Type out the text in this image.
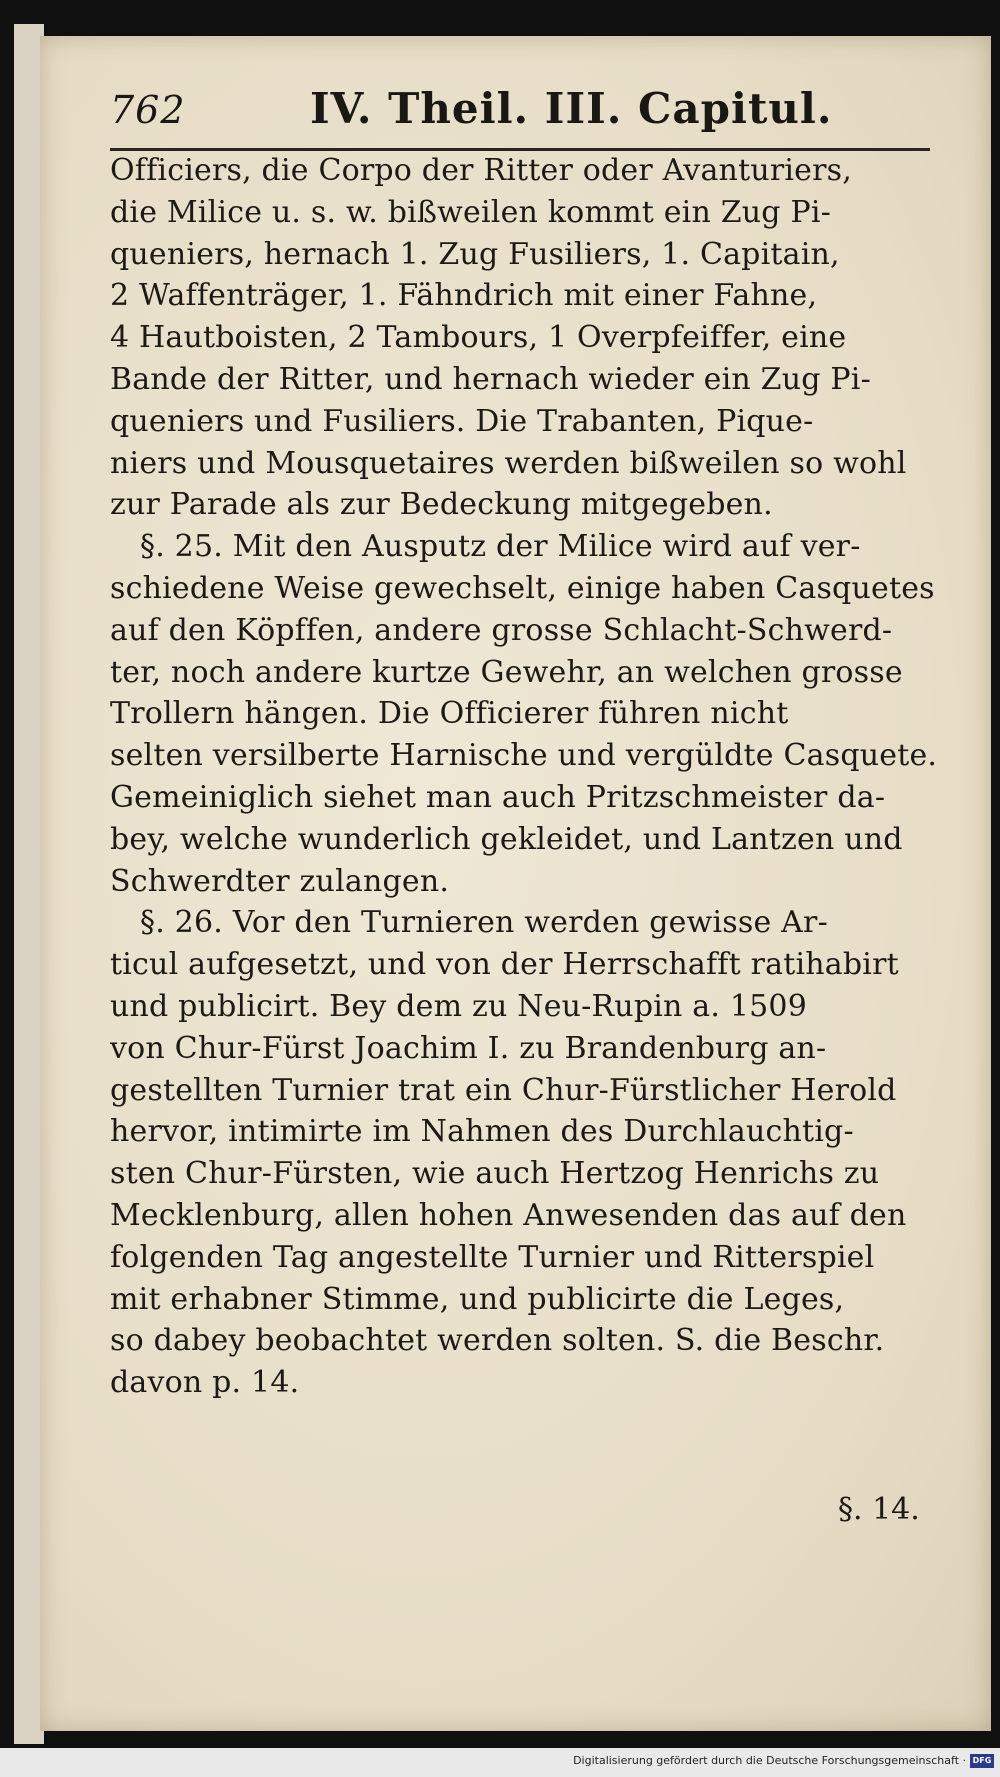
762	IV. Theil. III. Capitul.
Officiers, die Corpo der Ritter oder Avanturiers,
die Milice u. s. w. bißweilen kommt ein Zug Pi-
queniers, hernach 1. Zug Fusiliers, 1. Capitain,
2 Waffenträger, 1. Fähndrich mit einer Fahne,
4 Hautboisten, 2 Tambours, 1 Overpfeiffer, eine
Bande der Ritter, und hernach wieder ein Zug Pi-
queniers und Fusiliers. Die Trabanten, Pique-
niers und Mousquetaires werden bißweilen so wohl
zur Parade als zur Bedeckung mitgegeben.
§. 25. Mit den Ausputz der Milice wird auf ver-
schiedene Weise gewechselt, einige haben Casquetes
auf den Köpffen, andere grosse Schlacht-Schwerd-
ter, noch andere kurtze Gewehr, an welchen grosse
Trollern hängen. Die Officierer führen nicht
selten versilberte Harnische und vergüldte Casquete.
Gemeiniglich siehet man auch Pritzschmeister da-
bey, welche wunderlich gekleidet, und Lantzen und
Schwerdter zulangen.
§. 26. Vor den Turnieren werden gewisse Ar-
ticul aufgesetzt, und von der Herrschafft ratihabirt
und publicirt. Bey dem zu Neu-Rupin a. 1509
von Chur-Fürst Joachim I. zu Brandenburg an-
gestellten Turnier trat ein Chur-Fürstlicher Herold
hervor, intimirte im Nahmen des Durchlauchtig-
sten Chur-Fürsten, wie auch Hertzog Henrichs zu
Mecklenburg, allen hohen Anwesenden das auf den
folgenden Tag angestellte Turnier und Ritterspiel
mit erhabner Stimme, und publicirte die Leges,
so dabey beobachtet werden solten. S. die Beschr.
davon p. 14.
§. 14.
Digitalisierung gefördert durch die Deutsche Forschungsgemeinschaft · DFG
